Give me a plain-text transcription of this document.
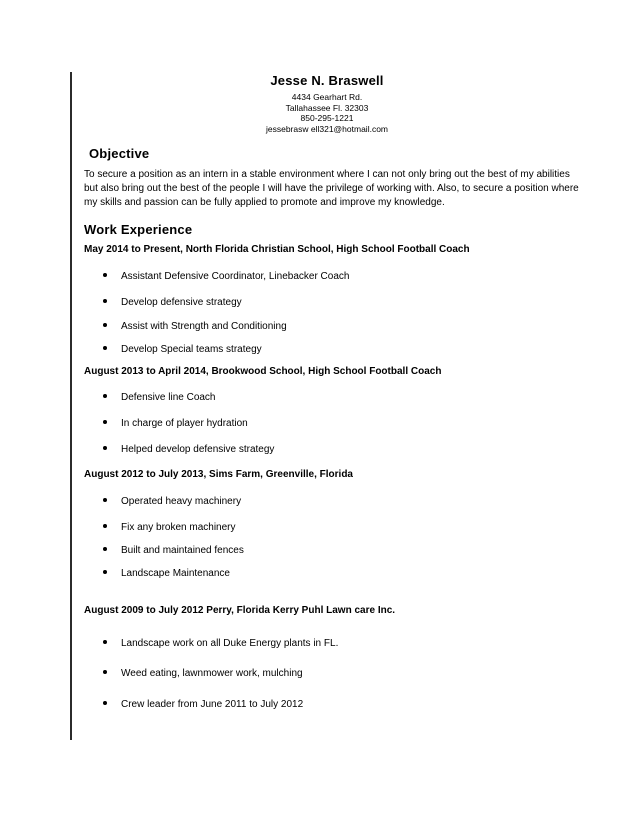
Jesse N. Braswell
4434 Gearhart Rd.
Tallahassee Fl. 32303
850-295-1221
jessebrasw ell321@hotmail.com
Objective
To secure a position as an intern in a stable environment where I can not only bring out the best of my abilities
but also bring out the best of the people I will have the privilege of working with. Also, to secure a position where
my skills and passion can be fully applied to promote and improve my knowledge.
Work Experience
May 2014 to Present, North Florida Christian School, High School Football Coach
Assistant Defensive Coordinator, Linebacker Coach
Develop defensive strategy
Assist with Strength and Conditioning
Develop Special teams strategy
August 2013 to April 2014, Brookwood School, High School Football Coach
Defensive line Coach
In charge of player hydration
Helped develop defensive strategy
August 2012 to July 2013, Sims Farm, Greenville, Florida
Operated heavy machinery
Fix any broken machinery
Built and maintained fences
Landscape Maintenance
August 2009 to July 2012 Perry, Florida Kerry Puhl Lawn care Inc.
Landscape work on all Duke Energy plants in FL.
Weed eating, lawnmower work, mulching
Crew leader from June 2011 to July 2012
